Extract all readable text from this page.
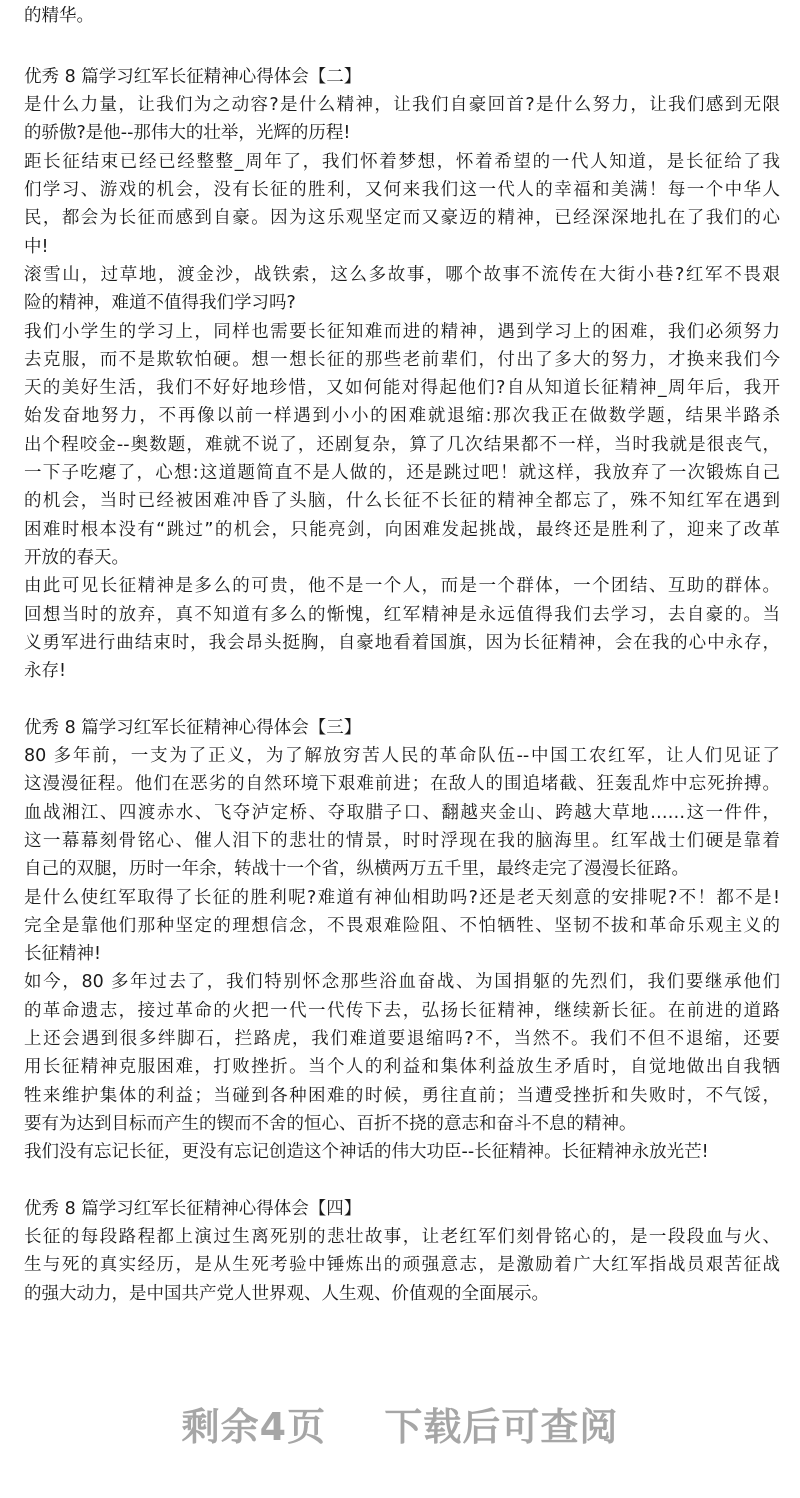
的精华。
优秀 8 篇学习红军长征精神心得体会【二】
是什么力量，让我们为之动容?是什么精神，让我们自豪回首?是什么努力，让我们感到无限
的骄傲?是他--那伟大的壮举，光辉的历程!
距长征结束已经已经整整_周年了，我们怀着梦想，怀着希望的一代人知道，是长征给了我
们学习、游戏的机会，没有长征的胜利，又何来我们这一代人的幸福和美满！每一个中华人
民，都会为长征而感到自豪。因为这乐观坚定而又豪迈的精神，已经深深地扎在了我们的心
中!
滚雪山，过草地，渡金沙，战铁索，这么多故事，哪个故事不流传在大街小巷?红军不畏艰
险的精神，难道不值得我们学习吗?
我们小学生的学习上，同样也需要长征知难而进的精神，遇到学习上的困难，我们必须努力
去克服，而不是欺软怕硬。想一想长征的那些老前辈们，付出了多大的努力，才换来我们今
天的美好生活，我们不好好地珍惜，又如何能对得起他们?自从知道长征精神_周年后，我开
始发奋地努力，不再像以前一样遇到小小的困难就退缩:那次我正在做数学题，结果半路杀
出个程咬金--奥数题，难就不说了，还剧复杂，算了几次结果都不一样，当时我就是很丧气，
一下子吃瘪了，心想:这道题简直不是人做的，还是跳过吧！就这样，我放弃了一次锻炼自己
的机会，当时已经被困难冲昏了头脑，什么长征不长征的精神全都忘了，殊不知红军在遇到
困难时根本没有“跳过”的机会，只能亮剑，向困难发起挑战，最终还是胜利了，迎来了改革
开放的春天。
由此可见长征精神是多么的可贵，他不是一个人，而是一个群体，一个团结、互助的群体。
回想当时的放弃，真不知道有多么的惭愧，红军精神是永远值得我们去学习，去自豪的。当
义勇军进行曲结束时，我会昂头挺胸，自豪地看着国旗，因为长征精神，会在我的心中永存，
永存!
优秀 8 篇学习红军长征精神心得体会【三】
80 多年前，一支为了正义，为了解放穷苦人民的革命队伍--中国工农红军，让人们见证了
这漫漫征程。他们在恶劣的自然环境下艰难前进；在敌人的围追堵截、狂轰乱炸中忘死拚搏。
血战湘江、四渡赤水、飞夺泸定桥、夺取腊子口、翻越夹金山、跨越大草地……这一件件，
这一幕幕刻骨铭心、催人泪下的悲壮的情景，时时浮现在我的脑海里。红军战士们硬是靠着
自己的双腿，历时一年余，转战十一个省，纵横两万五千里，最终走完了漫漫长征路。
是什么使红军取得了长征的胜利呢?难道有神仙相助吗?还是老天刻意的安排呢?不！都不是!
完全是靠他们那种坚定的理想信念，不畏艰难险阻、不怕牺牲、坚韧不拔和革命乐观主义的
长征精神!
如今，80 多年过去了，我们特别怀念那些浴血奋战、为国捐躯的先烈们，我们要继承他们
的革命遗志，接过革命的火把一代一代传下去，弘扬长征精神，继续新长征。在前进的道路
上还会遇到很多绊脚石，拦路虎，我们难道要退缩吗?不，当然不。我们不但不退缩，还要
用长征精神克服困难，打败挫折。当个人的利益和集体利益放生矛盾时，自觉地做出自我牺
牲来维护集体的利益；当碰到各种困难的时候，勇往直前；当遭受挫折和失败时，不气馁，
要有为达到目标而产生的锲而不舍的恒心、百折不挠的意志和奋斗不息的精神。
我们没有忘记长征，更没有忘记创造这个神话的伟大功臣--长征精神。长征精神永放光芒!
优秀 8 篇学习红军长征精神心得体会【四】
长征的每段路程都上演过生离死别的悲壮故事，让老红军们刻骨铭心的，是一段段血与火、
生与死的真实经历，是从生死考验中锤炼出的顽强意志，是激励着广大红军指战员艰苦征战
的强大动力，是中国共产党人世界观、人生观、价值观的全面展示。
剩余4页 下载后可查阅
